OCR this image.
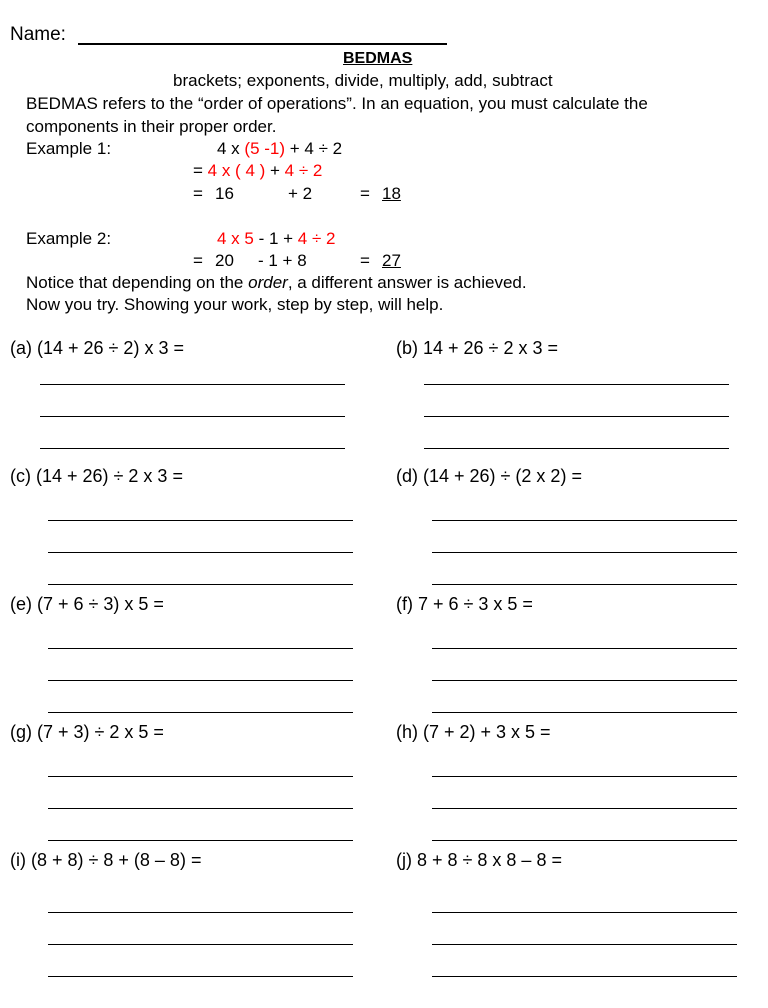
Name:
BEDMAS
brackets; exponents, divide, multiply, add, subtract
BEDMAS refers to the “order of operations”. In an equation, you must calculate the
components in their proper order.
Example 1:	4 x (5 -1) + 4 ÷ 2
= 4 x ( 4 ) + 4 ÷ 2
= 16	+ 2	= 18
Example 2:	4 x 5 - 1 + 4 ÷ 2
= 20 - 1 + 8	= 27
Notice that depending on the order, a different answer is achieved.
Now you try. Showing your work, step by step, will help.
(a) (14 + 26 ÷ 2) x 3 =	(b) 14 + 26 ÷ 2 x 3 =
(c) (14 + 26) ÷ 2 x 3 =	(d) (14 + 26) ÷ (2 x 2) =
(e) (7 + 6 ÷ 3) x 5 =	(f) 7 + 6 ÷ 3 x 5 =
(g) (7 + 3) ÷ 2 x 5 =	(h) (7 + 2) + 3 x 5 =
(i) (8 + 8) ÷ 8 + (8 – 8) =	(j) 8 + 8 ÷ 8 x 8 – 8 =
